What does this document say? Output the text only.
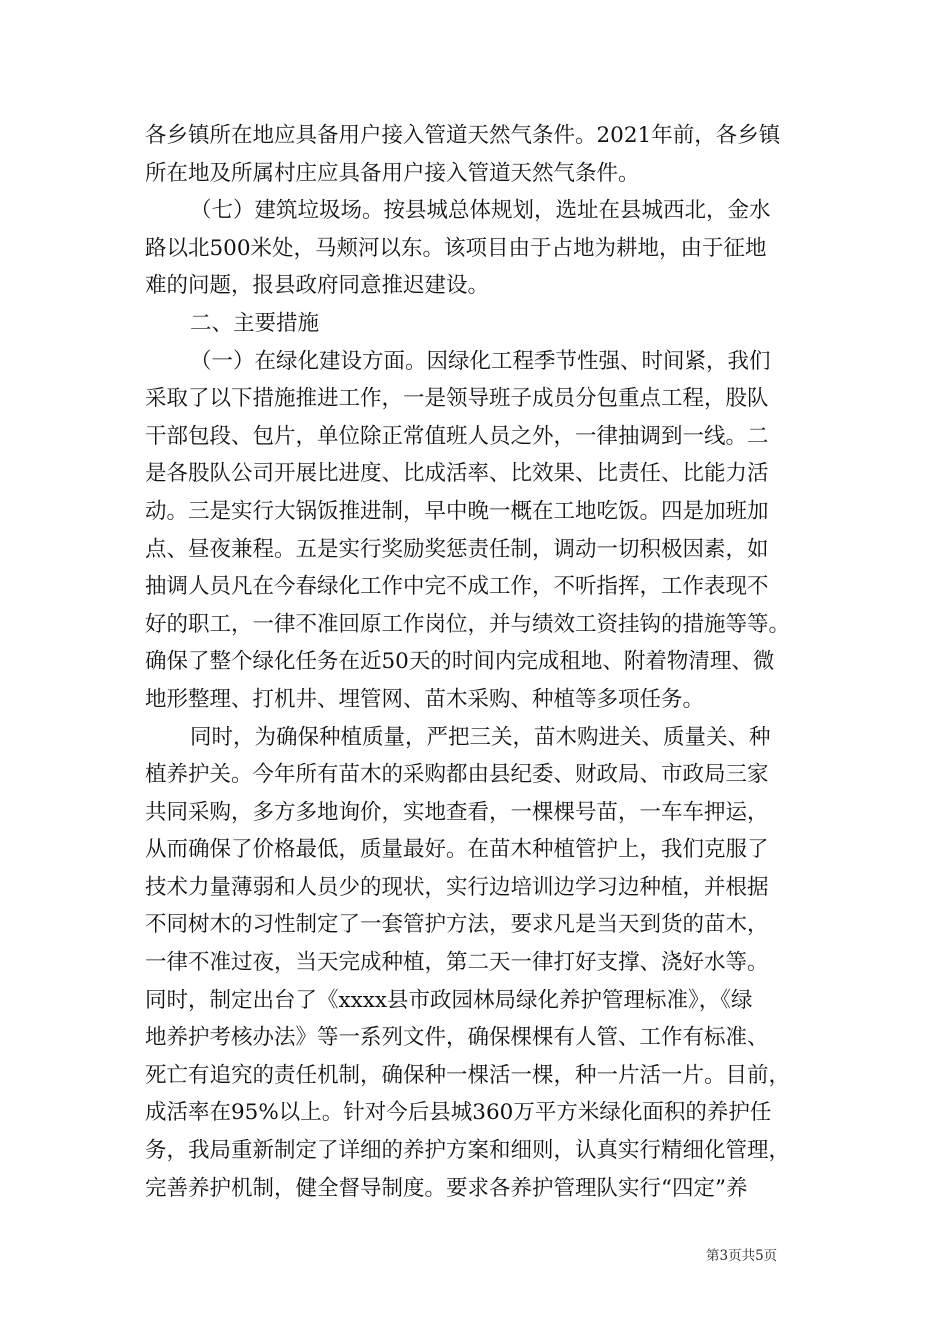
各乡镇所在地应具备用户接入管道天然气条件。2021年前，各乡镇
所在地及所属村庄应具备用户接入管道天然气条件。
（七）建筑垃圾场。按县城总体规划，选址在县城西北，金水
路以北500米处，马颊河以东。该项目由于占地为耕地，由于征地
难的问题，报县政府同意推迟建设。
二、主要措施
（一）在绿化建设方面。因绿化工程季节性强、时间紧，我们
采取了以下措施推进工作，一是领导班子成员分包重点工程，股队
干部包段、包片，单位除正常值班人员之外，一律抽调到一线。二
是各股队公司开展比进度、比成活率、比效果、比责任、比能力活
动。三是实行大锅饭推进制，早中晚一概在工地吃饭。四是加班加
点、昼夜兼程。五是实行奖励奖惩责任制，调动一切积极因素，如
抽调人员凡在今春绿化工作中完不成工作，不听指挥，工作表现不
好的职工，一律不准回原工作岗位，并与绩效工资挂钩的措施等等。
确保了整个绿化任务在近50天的时间内完成租地、附着物清理、微
地形整理、打机井、埋管网、苗木采购、种植等多项任务。
同时，为确保种植质量，严把三关，苗木购进关、质量关、种
植养护关。今年所有苗木的采购都由县纪委、财政局、市政局三家
共同采购，多方多地询价，实地查看，一棵棵号苗，一车车押运，
从而确保了价格最低，质量最好。在苗木种植管护上，我们克服了
技术力量薄弱和人员少的现状，实行边培训边学习边种植，并根据
不同树木的习性制定了一套管护方法，要求凡是当天到货的苗木，
一律不准过夜，当天完成种植，第二天一律打好支撑、浇好水等。
同时，制定出台了《xxxx县市政园林局绿化养护管理标准》，《绿
地养护考核办法》等一系列文件，确保棵棵有人管、工作有标准、
死亡有追究的责任机制，确保种一棵活一棵，种一片活一片。目前，
成活率在95%以上。针对今后县城360万平方米绿化面积的养护任
务，我局重新制定了详细的养护方案和细则，认真实行精细化管理，
完善养护机制，健全督导制度。要求各养护管理队实行“四定”养
第3页共5页
